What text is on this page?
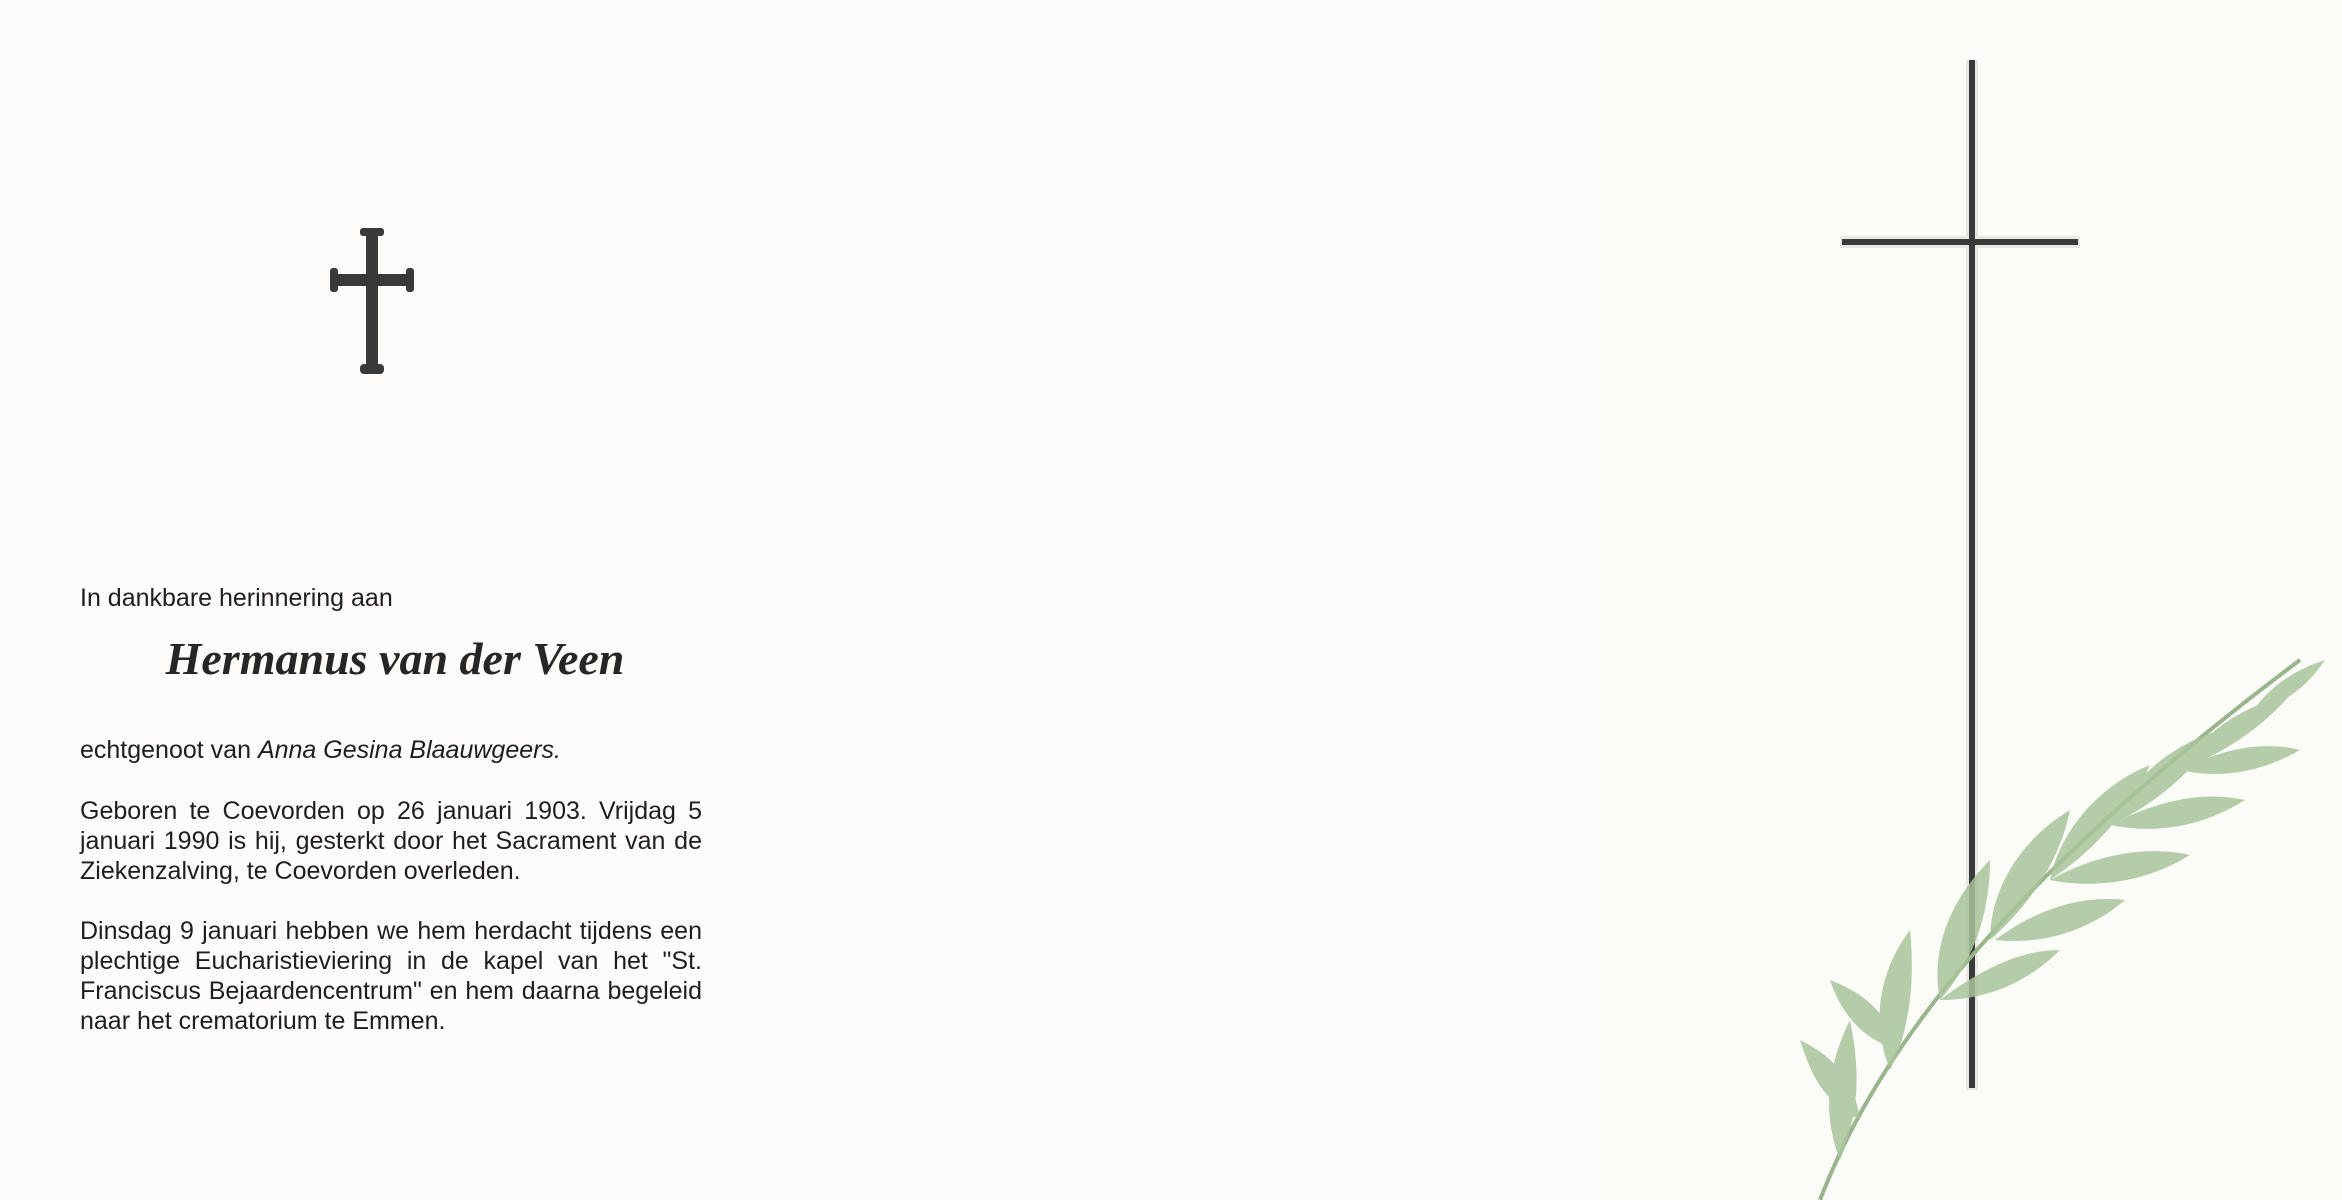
In dankbare herinnering aan
Hermanus van der Veen
echtgenoot van Anna Gesina Blaauwgeers.

Geboren te Coevorden op 26 januari 1903. Vrijdag 5 januari 1990 is hij, gesterkt door het Sacrament van de Ziekenzalving, te Coevorden overleden.

Dinsdag 9 januari hebben we hem herdacht tijdens een plechtige Eucharistieviering in de kapel van het "St. Franciscus Bejaardencentrum" en hem daarna begeleid naar het crematorium te Emmen.
